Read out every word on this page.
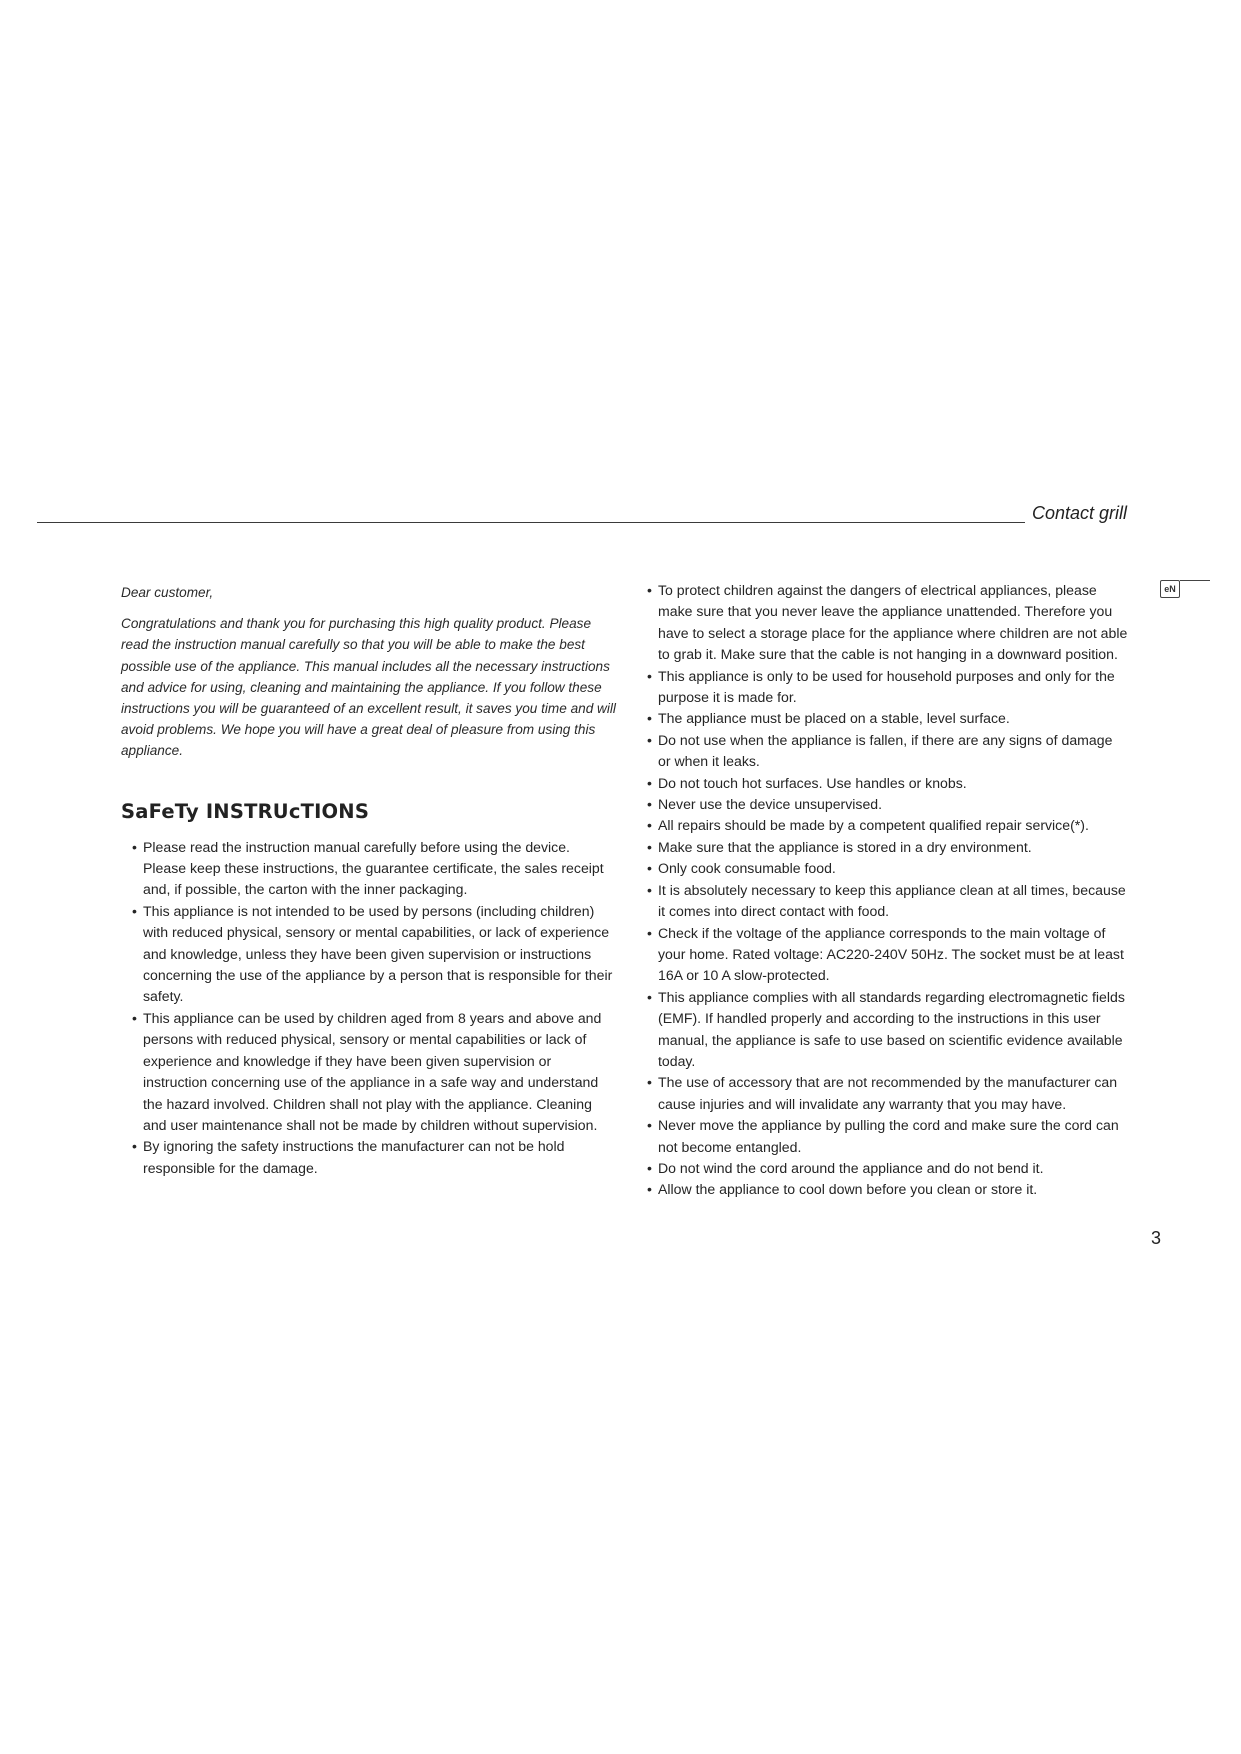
Contact grill
eN

Dear customer,

Congratulations and thank you for purchasing this high quality product. Please read the instruction manual carefully so that you will be able to make the best possible use of the appliance. This manual includes all the necessary instructions and advice for using, cleaning and maintaining the appliance. If you follow these instructions you will be guaranteed of an excellent result, it saves you time and will avoid problems. We hope you will have a great deal of pleasure from using this appliance.

SaFeTy INSTRUcTIONS
• Please read the instruction manual carefully before using the device. Please keep these instructions, the guarantee certificate, the sales receipt and, if possible, the carton with the inner packaging.
• This appliance is not intended to be used by persons (including children) with reduced physical, sensory or mental capabilities, or lack of experience and knowledge, unless they have been given supervision or instructions concerning the use of the appliance by a person that is responsible for their safety.
• This appliance can be used by children aged from 8 years and above and persons with reduced physical, sensory or mental capabilities or lack of experience and knowledge if they have been given supervision or instruction concerning use of the appliance in a safe way and understand the hazard involved. Children shall not play with the appliance. Cleaning and user maintenance shall not be made by children without supervision.
• By ignoring the safety instructions the manufacturer can not be hold responsible for the damage.
• To protect children against the dangers of electrical appliances, please make sure that you never leave the appliance unattended. Therefore you have to select a storage place for the appliance where children are not able to grab it. Make sure that the cable is not hanging in a downward position.
• This appliance is only to be used for household purposes and only for the purpose it is made for.
• The appliance must be placed on a stable, level surface.
• Do not use when the appliance is fallen, if there are any signs of damage or when it leaks.
• Do not touch hot surfaces. Use handles or knobs.
• Never use the device unsupervised.
• All repairs should be made by a competent qualified repair service(*).
• Make sure that the appliance is stored in a dry environment.
• Only cook consumable food.
• It is absolutely necessary to keep this appliance clean at all times, because it comes into direct contact with food.
• Check if the voltage of the appliance corresponds to the main voltage of your home. Rated voltage: AC220-240V 50Hz. The socket must be at least 16A or 10 A slow-protected.
• This appliance complies with all standards regarding electromagnetic fields (EMF). If handled properly and according to the instructions in this user manual, the appliance is safe to use based on scientific evidence available today.
• The use of accessory that are not recommended by the manufacturer can cause injuries and will invalidate any warranty that you may have.
• Never move the appliance by pulling the cord and make sure the cord can not become entangled.
• Do not wind the cord around the appliance and do not bend it.
• Allow the appliance to cool down before you clean or store it.
3
